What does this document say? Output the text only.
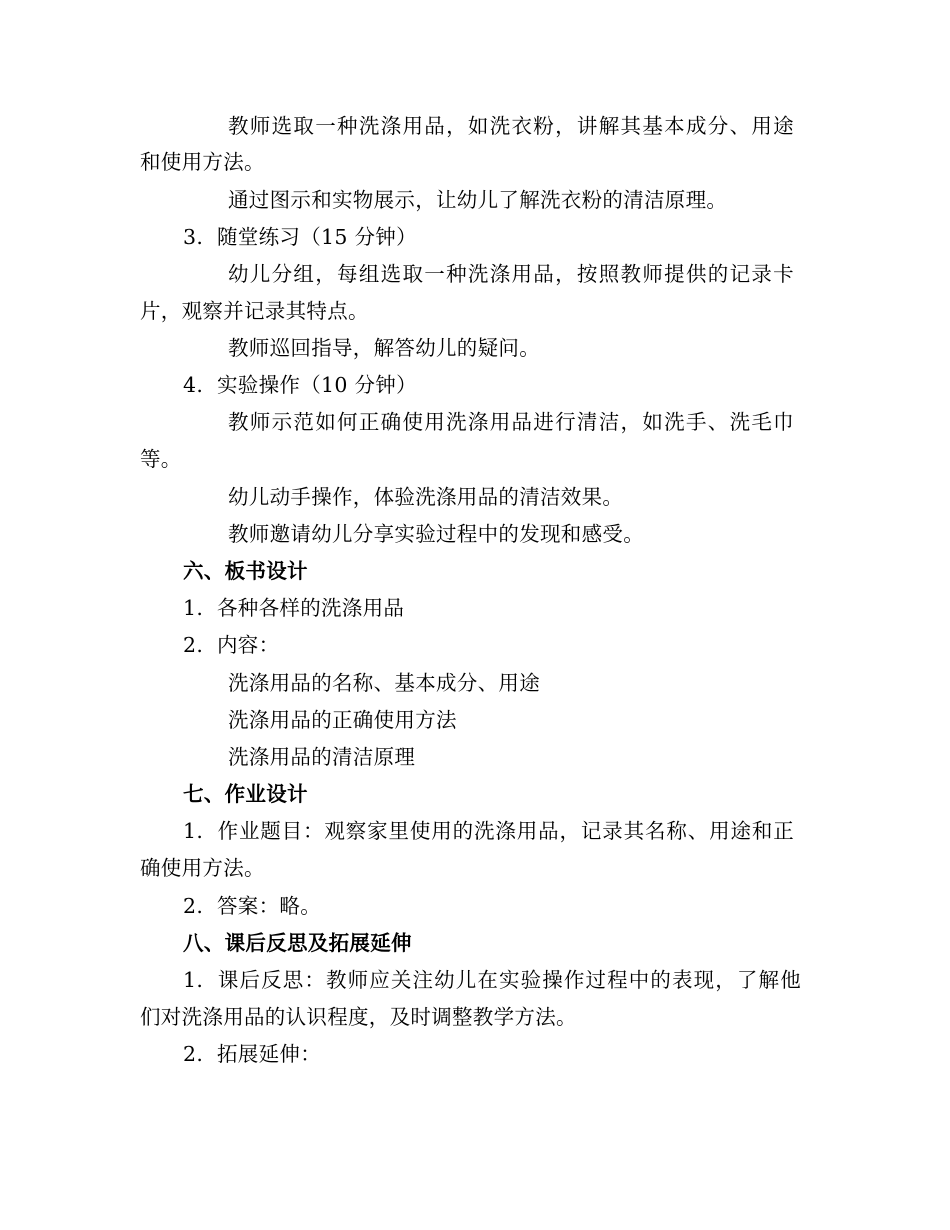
教师选取一种洗涤用品，如洗衣粉，讲解其基本成分、用途
和使用方法。
通过图示和实物展示，让幼儿了解洗衣粉的清洁原理。
3. 随堂练习（15 分钟）
幼儿分组，每组选取一种洗涤用品，按照教师提供的记录卡
片，观察并记录其特点。
教师巡回指导，解答幼儿的疑问。
4. 实验操作（10 分钟）
教师示范如何正确使用洗涤用品进行清洁，如洗手、洗毛巾
等。
幼儿动手操作，体验洗涤用品的清洁效果。
教师邀请幼儿分享实验过程中的发现和感受。
六、板书设计
1. 各种各样的洗涤用品
2. 内容：
洗涤用品的名称、基本成分、用途
洗涤用品的正确使用方法
洗涤用品的清洁原理
七、作业设计
1. 作业题目：观察家里使用的洗涤用品，记录其名称、用途和正
确使用方法。
2. 答案：略。
八、课后反思及拓展延伸
1. 课后反思：教师应关注幼儿在实验操作过程中的表现，了解他
们对洗涤用品的认识程度，及时调整教学方法。
2. 拓展延伸：
